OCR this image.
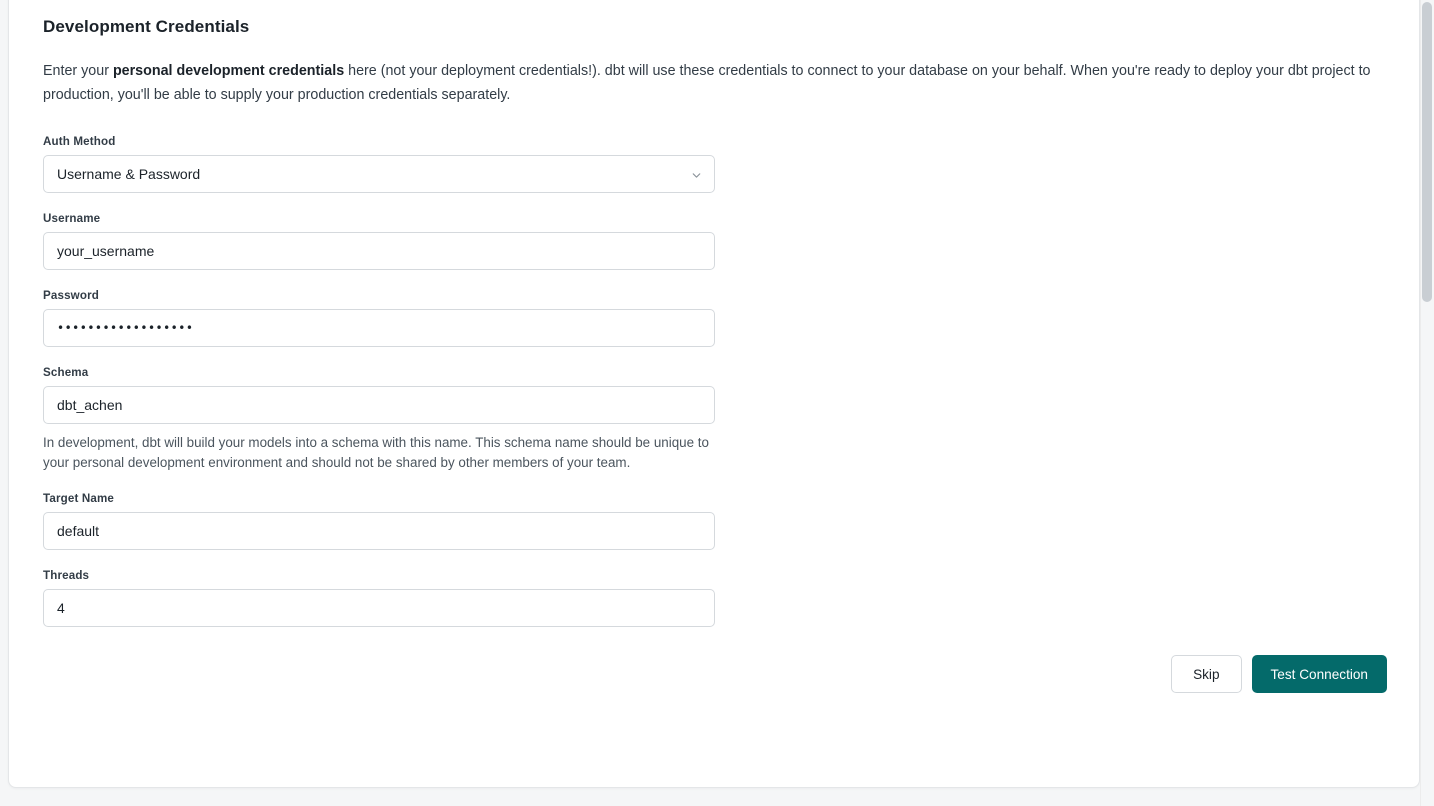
Development Credentials

Enter your personal development credentials here (not your deployment credentials!). dbt will use these credentials to connect to your database on your behalf. When you're ready to deploy your dbt project to production, you'll be able to supply your production credentials separately.

Auth Method
Username & Password
Username
your_username
Password
••••••••••••••••••
Schema
dbt_achen
In development, dbt will build your models into a schema with this name. This schema name should be unique to your personal development environment and should not be shared by other members of your team.
Target Name
default
Threads
4
Skip	Test Connection
